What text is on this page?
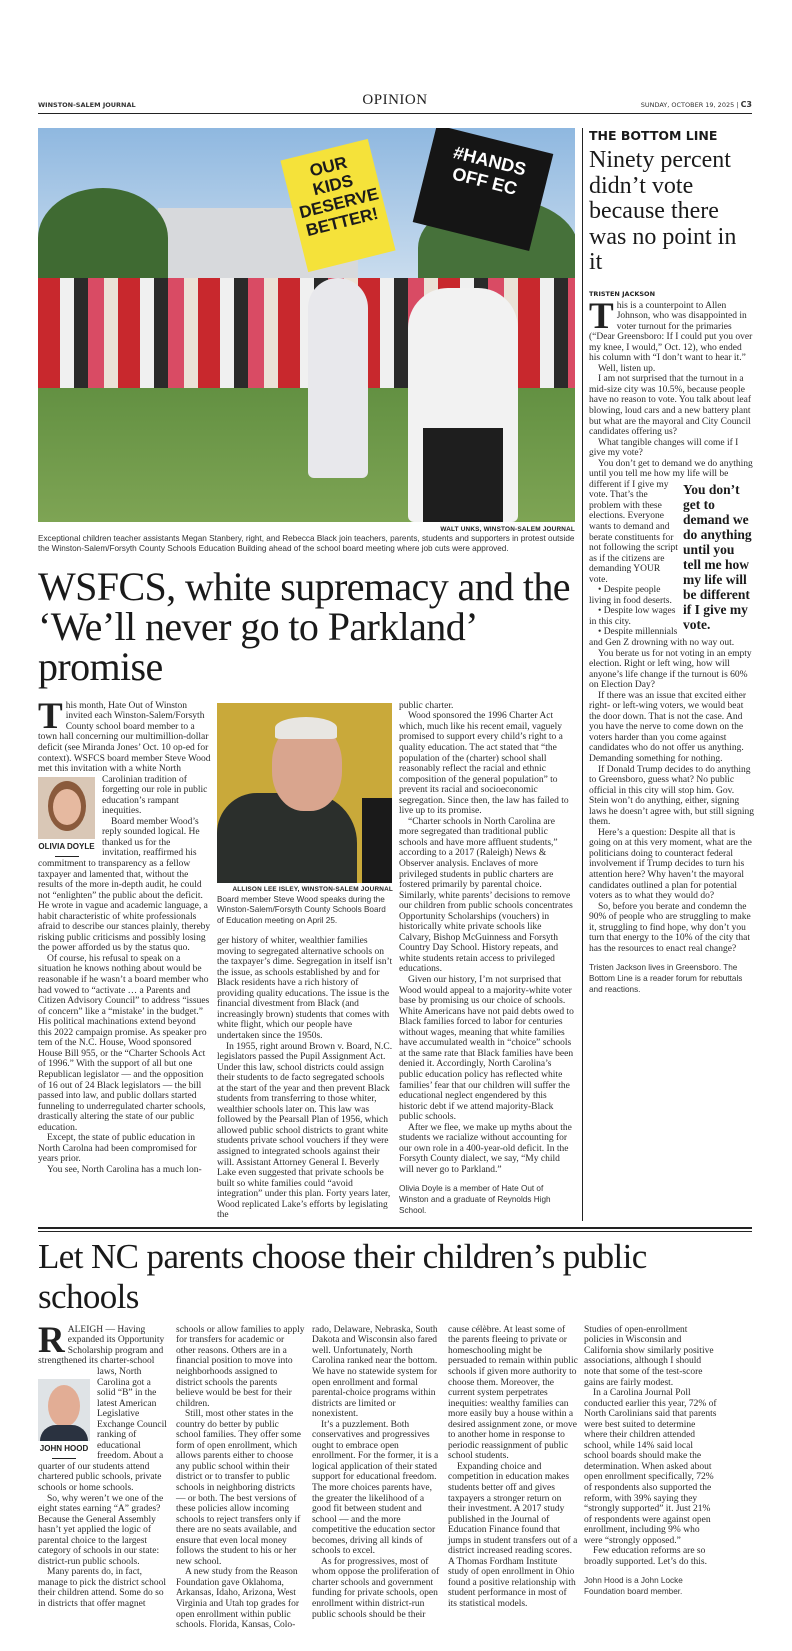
WINSTON-SALEM JOURNAL	OPINION	SUNDAY, OCTOBER 19, 2025 | C3
OUR KIDS DESERVE BETTER!
#HANDS OFF EC
WALT UNKS, WINSTON-SALEM JOURNAL
Exceptional children teacher assistants Megan Stanbery, right, and Rebecca Black join teachers, parents, students and supporters in protest outside the Winston-Salem/Forsyth County Schools Education Building ahead of the school board meeting where job cuts were approved.
WSFCS, white supremacy and the
‘We’ll never go to Parkland’ promise

T
OLIVIA DOYLE
his month, Hate Out of Winston invited each Winston-Salem/Forsyth County school board member to a town hall concerning our multimillion-dollar deficit (see Miranda Jones’ Oct. 10 op-ed for context). WSFCS board member Steve Wood met this invitation with a white North Carolinian tradition of forgetting our role in public education’s rampant inequities.

Board member Wood’s reply sounded logical. He thanked us for the invitation, reaffirmed his commitment to transparency as a fellow taxpayer and lamented that, without the results of the more in-depth audit, he could not “enlighten” the public about the deficit. He wrote in vague and academic language, a habit characteristic of white professionals afraid to describe our stances plainly, thereby risking public criticisms and possibly losing the power afforded us by the status quo.

Of course, his refusal to speak on a situation he knows nothing about would be reasonable if he wasn’t a board member who had vowed to “activate … a Parents and Citizen Advisory Council” to address “issues of concern” like a “mistake’ in the budget.” His political machinations extend beyond this 2022 campaign promise. As speaker pro tem of the N.C. House, Wood sponsored House Bill 955, or the “Charter Schools Act of 1996.” With the support of all but one Republican legislator — and the opposition of 16 out of 24 Black legislators — the bill passed into law, and public dollars started funneling to underregulated charter schools, drastically altering the state of our public education.

Except, the state of public education in North Carolna had been compromised for years prior.

You see, North Carolina has a much lon-

ALLISON LEE ISLEY, WINSTON-SALEM JOURNAL
Board member Steve Wood speaks during the Winston-Salem/Forsyth County Schools Board of Education meeting on April 25.

ger history of whiter, wealthier families moving to segregated alternative schools on the taxpayer’s dime. Segregation in itself isn’t the issue, as schools established by and for Black residents have a rich history of providing quality educations. The issue is the financial divestment from Black (and increasingly brown) students that comes with white flight, which our people have undertaken since the 1950s.

In 1955, right around Brown v. Board, N.C. legislators passed the Pupil Assignment Act. Under this law, school districts could assign their students to de facto segregated schools at the start of the year and then prevent Black students from transferring to those whiter, wealthier schools later on. This law was followed by the Pearsall Plan of 1956, which allowed public school districts to grant white students private school vouchers if they were assigned to integrated schools against their will. Assistant Attorney General I. Beverly Lake even suggested that private schools be built so white families could “avoid integration” under this plan. Forty years later, Wood replicated Lake’s efforts by legislating the

public charter.

Wood sponsored the 1996 Charter Act which, much like his recent email, vaguely promised to support every child’s right to a quality education. The act stated that “the population of the (charter) school shall reasonably reflect the racial and ethnic composition of the general population” to prevent its racial and socioeconomic segregation. Since then, the law has failed to live up to its promise.

“Charter schools in North Carolina are more segregated than traditional public schools and have more affluent students,” according to a 2017 (Raleigh) News & Observer analysis. Enclaves of more privileged students in public charters are fostered primarily by parental choice. Similarly, white parents’ decisions to remove our children from public schools concentrates Opportunity Scholarships (vouchers) in historically white private schools like Calvary, Bishop McGuinness and Forsyth Country Day School. History repeats, and white students retain access to privileged educations.

Given our history, I’m not surprised that Wood would appeal to a majority-white voter base by promising us our choice of schools. White Americans have not paid debts owed to Black families forced to labor for centuries without wages, meaning that white families have accumulated wealth in “choice” schools at the same rate that Black families have been denied it. Accordingly, North Carolina’s public education policy has reflected white families’ fear that our children will suffer the educational neglect engendered by this historic debt if we attend majority-Black public schools.

After we flee, we make up myths about the students we racialize without accounting for our own role in a 400-year-old deficit. In the Forsyth County dialect, we say, “My child will never go to Parkland.”

Olivia Doyle is a member of Hate Out of Winston and a graduate of Reynolds High School.

THE BOTTOM LINE
Ninety percent didn’t vote because there was no point in it
TRISTEN JACKSON

This is a counterpoint to Allen Johnson, who was disappointed in voter turnout for the primaries (“Dear Greensboro: If I could put you over my knee, I would,” Oct. 12), who ended his column with “I don’t want to hear it.”

Well, listen up.

I am not surprised that the turnout in a mid-size city was 10.5%, because people have no reason to vote. You talk about leaf blowing, loud cars and a new battery plant but what are the mayoral and City Council candidates offering us?

What tangible changes will come if I give my vote?

You don’t get to demand we do anything until you tell me how my life will be different if I give You don’t get to demand we do anything until you tell me how my life will be different if I give my vote.
my vote. That’s the problem with these elections. Everyone wants to demand and berate constituents for not following the script as if the citizens are demanding YOUR vote.

• Despite people living in food deserts.

• Despite low wages in this city.

• Despite millennials and Gen Z drowning with no way out.

You berate us for not voting in an empty election. Right or left wing, how will anyone’s life change if the turnout is 60% on Election Day?

If there was an issue that excited either right- or left-wing voters, we would beat the door down. That is not the case. And you have the nerve to come down on the voters harder than you come against candidates who do not offer us anything. Demanding something for nothing.

If Donald Trump decides to do anything to Greensboro, guess what? No public official in this city will stop him. Gov. Stein won’t do anything, either, signing laws he doesn’t agree with, but still signing them.

Here’s a question: Despite all that is going on at this very moment, what are the politicians doing to counteract federal involvement if Trump decides to turn his attention here? Why haven’t the mayoral candidates outlined a plan for potential voters as to what they would do?

So, before you berate and condemn the 90% of people who are struggling to make it, struggling to find hope, why don’t you turn that energy to the 10% of the city that has the resources to enact real change?

Tristen Jackson lives in Greensboro. The Bottom Line is a reader forum for rebuttals and reactions.

Let NC parents choose their children’s public schools

R
JOHN HOOD
ALEIGH — Having expanded its Opportunity Scholarship program and strengthened its charter-school laws, North Carolina got a solid “B” in the latest American Legislative Exchange Council ranking of educational freedom. About a quarter of our students attend chartered public schools, private schools or home schools.

So, why weren’t we one of the eight states earning “A” grades? Because the General Assembly hasn’t yet applied the logic of parental choice to the largest category of schools in our state: district-run public schools.

Many parents do, in fact, manage to pick the district school their children attend. Some do so in districts that offer magnet

schools or allow families to apply for transfers for academic or other reasons. Others are in a financial position to move into neighborhoods assigned to district schools the parents believe would be best for their children.

Still, most other states in the country do better by public school families. They offer some form of open enrollment, which allows parents either to choose any public school within their district or to transfer to public schools in neighboring districts — or both. The best versions of these policies allow incoming schools to reject transfers only if there are no seats available, and ensure that even local money follows the student to his or her new school.

A new study from the Reason Foundation gave Oklahoma, Arkansas, Idaho, Arizona, West Virginia and Utah top grades for open enrollment within public schools. Florida, Kansas, Colo-

rado, Delaware, Nebraska, South Dakota and Wisconsin also fared well. Unfortunately, North Carolina ranked near the bottom. We have no statewide system for open enrollment and formal parental-choice programs within districts are limited or nonexistent.

It’s a puzzlement. Both conservatives and progressives ought to embrace open enrollment. For the former, it is a logical application of their stated support for educational freedom. The more choices parents have, the greater the likelihood of a good fit between student and school — and the more competitive the education sector becomes, driving all kinds of schools to excel.

As for progressives, most of whom oppose the proliferation of charter schools and government funding for private schools, open enrollment within district-run public schools should be their

cause célèbre. At least some of the parents fleeing to private or homeschooling might be persuaded to remain within public schools if given more authority to choose them. Moreover, the current system perpetrates inequities: wealthy families can more easily buy a house within a desired assignment zone, or move to another home in response to periodic reassignment of public school students.

Expanding choice and competition in education makes students better off and gives taxpayers a stronger return on their investment. A 2017 study published in the Journal of Education Finance found that jumps in student transfers out of a district increased reading scores. A Thomas Fordham Institute study of open enrollment in Ohio found a positive relationship with student performance in most of its statistical models.

Studies of open-enrollment policies in Wisconsin and California show similarly positive associations, although I should note that some of the test-score gains are fairly modest.

In a Carolina Journal Poll conducted earlier this year, 72% of North Carolinians said that parents were best suited to determine where their children attended school, while 14% said local school boards should make the determination. When asked about open enrollment specifically, 72% of respondents also supported the reform, with 39% saying they “strongly supported” it. Just 21% of respondents were against open enrollment, including 9% who were “strongly opposed.”

Few education reforms are so broadly supported. Let’s do this.

John Hood is a John Locke Foundation board member.
